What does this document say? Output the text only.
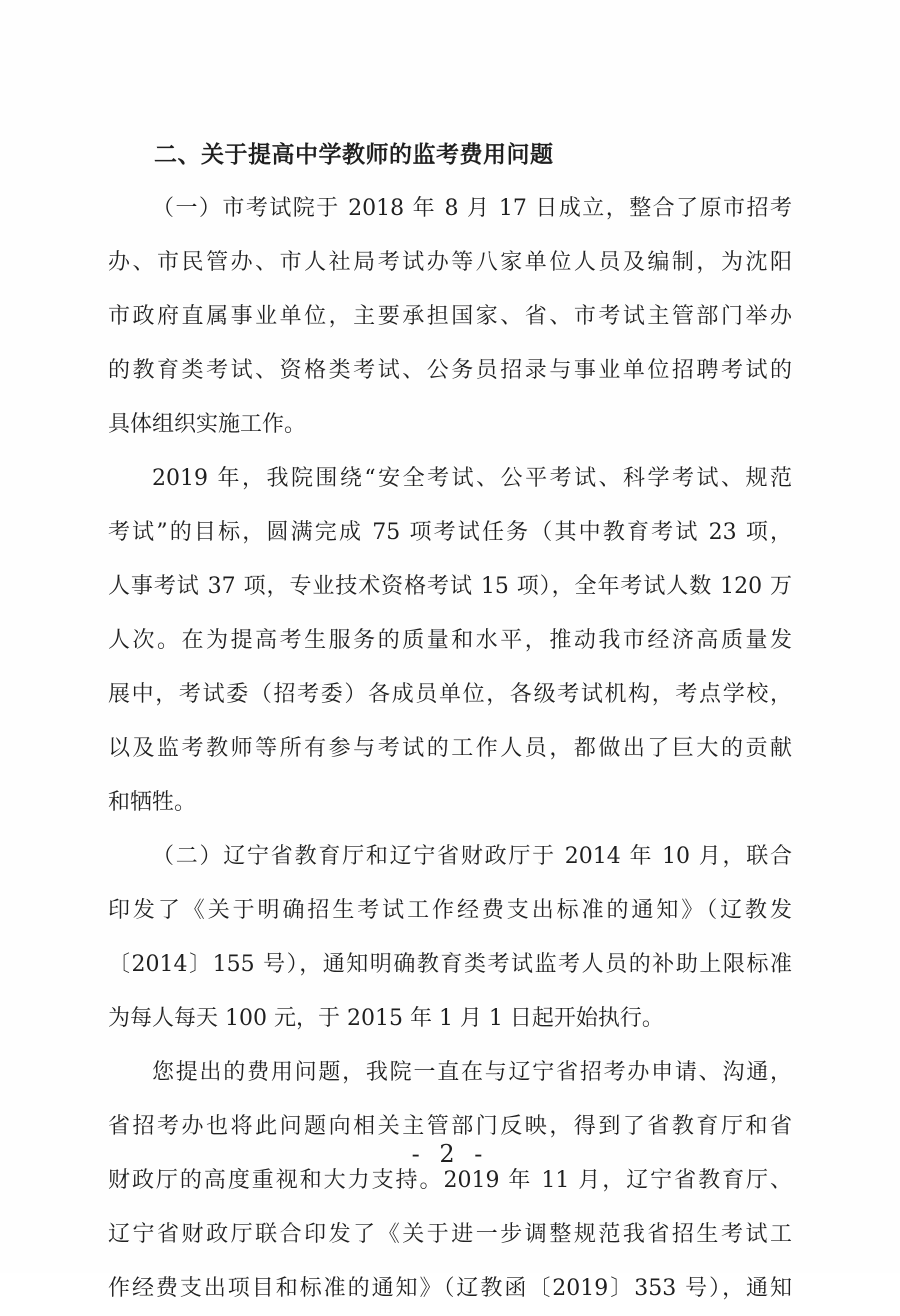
二、关于提高中学教师的监考费用问题
（一）市考试院于 2018 年 8 月 17 日成立，整合了原市招考
办、市民管办、市人社局考试办等八家单位人员及编制，为沈阳
市政府直属事业单位，主要承担国家、省、市考试主管部门举办
的教育类考试、资格类考试、公务员招录与事业单位招聘考试的
具体组织实施工作。
2019 年，我院围绕“安全考试、公平考试、科学考试、规范
考试”的目标，圆满完成 75 项考试任务（其中教育考试 23 项，
人事考试 37 项，专业技术资格考试 15 项），全年考试人数 120 万
人次。在为提高考生服务的质量和水平，推动我市经济高质量发
展中，考试委（招考委）各成员单位，各级考试机构，考点学校，
以及监考教师等所有参与考试的工作人员，都做出了巨大的贡献
和牺牲。
（二）辽宁省教育厅和辽宁省财政厅于 2014 年 10 月，联合
印发了《关于明确招生考试工作经费支出标准的通知》（辽教发
〔2014〕155 号），通知明确教育类考试监考人员的补助上限标准
为每人每天 100 元，于 2015 年 1 月 1 日起开始执行。
您提出的费用问题，我院一直在与辽宁省招考办申请、沟通，
省招考办也将此问题向相关主管部门反映，得到了省教育厅和省
财政厅的高度重视和大力支持。2019 年 11 月，辽宁省教育厅、
辽宁省财政厅联合印发了《关于进一步调整规范我省招生考试工
作经费支出项目和标准的通知》（辽教函〔2019〕353 号），通知
- 2 -
